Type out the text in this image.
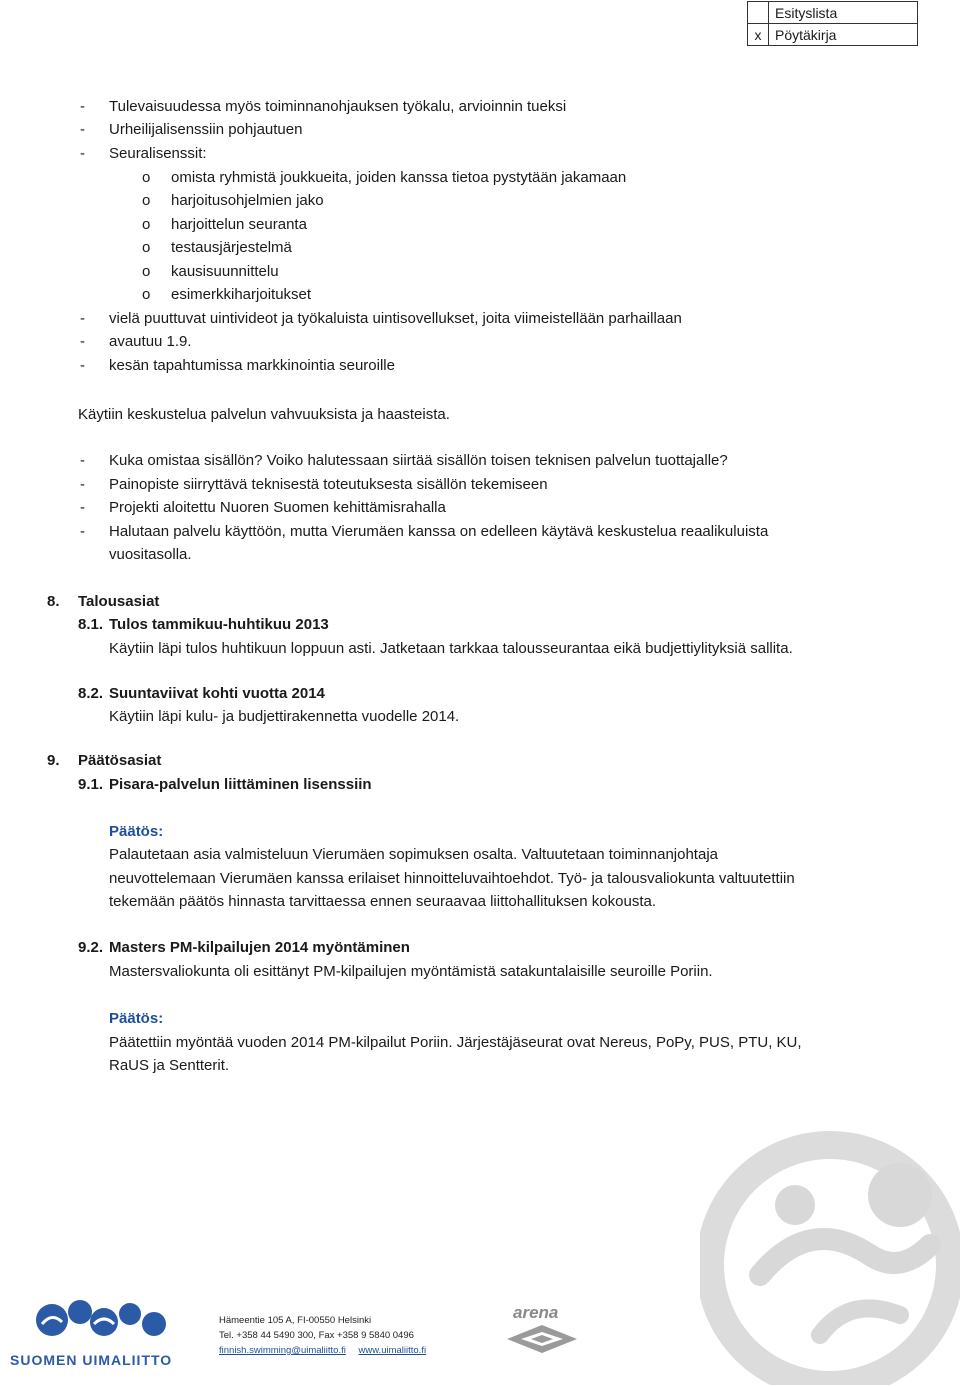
	Esityslista
x	Pöytäkirja
- Tulevaisuudessa myös toiminnanohjauksen työkalu, arvioinnin tueksi
- Urheilijalisenssiin pohjautuen
- Seuralisenssit:
o omista ryhmistä joukkueita, joiden kanssa tietoa pystytään jakamaan
o harjoitusohjelmien jako
o harjoittelun seuranta
o testausjärjestelmä
o kausisuunnittelu
o esimerkkiharjoitukset
- vielä puuttuvat uintivideot ja työkaluista uintisovellukset, joita viimeistellään parhaillaan
- avautuu 1.9.
- kesän tapahtumissa markkinointia seuroille
Käytiin keskustelua palvelun vahvuuksista ja haasteista.
- Kuka omistaa sisällön? Voiko halutessaan siirtää sisällön toisen teknisen palvelun tuottajalle?
- Painopiste siirryttävä teknisestä toteutuksesta sisällön tekemiseen
- Projekti aloitettu Nuoren Suomen kehittämisrahalla
- Halutaan palvelu käyttöön, mutta Vierumäen kanssa on edelleen käytävä keskustelua reaalikuluista
vuositasolla.
8. Talousasiat
8.1. Tulos tammikuu-huhtikuu 2013
Käytiin läpi tulos huhtikuun loppuun asti. Jatketaan tarkkaa talousseurantaa eikä budjettiylityksiä sallita.
8.2. Suuntaviivat kohti vuotta 2014
Käytiin läpi kulu- ja budjettirakennetta vuodelle 2014.
9. Päätösasiat
9.1. Pisara-palvelun liittäminen lisenssiin
Päätös:
Palautetaan asia valmisteluun Vierumäen sopimuksen osalta. Valtuutetaan toiminnanjohtaja
neuvottelemaan Vierumäen kanssa erilaiset hinnoitteluvaihtoehdot. Työ- ja talousvaliokunta valtuutettiin
tekemään päätös hinnasta tarvittaessa ennen seuraavaa liittohallituksen kokousta.
9.2. Masters PM-kilpailujen 2014 myöntäminen
Mastersvaliokunta oli esittänyt PM-kilpailujen myöntämistä satakuntalaisille seuroille Poriin.
Päätös:
Päätettiin myöntää vuoden 2014 PM-kilpailut Poriin. Järjestäjäseurat ovat Nereus, PoPy, PUS, PTU, KU,
RaUS ja Sentterit.
SUOMEN UIMALIITTO
Hämeentie 105 A, FI-00550 Helsinki
Tel. +358 44 5490 300, Fax +358 9 5840 0496
finnish.swimming@uimaliitto.fi www.uimaliitto.fi
arena
